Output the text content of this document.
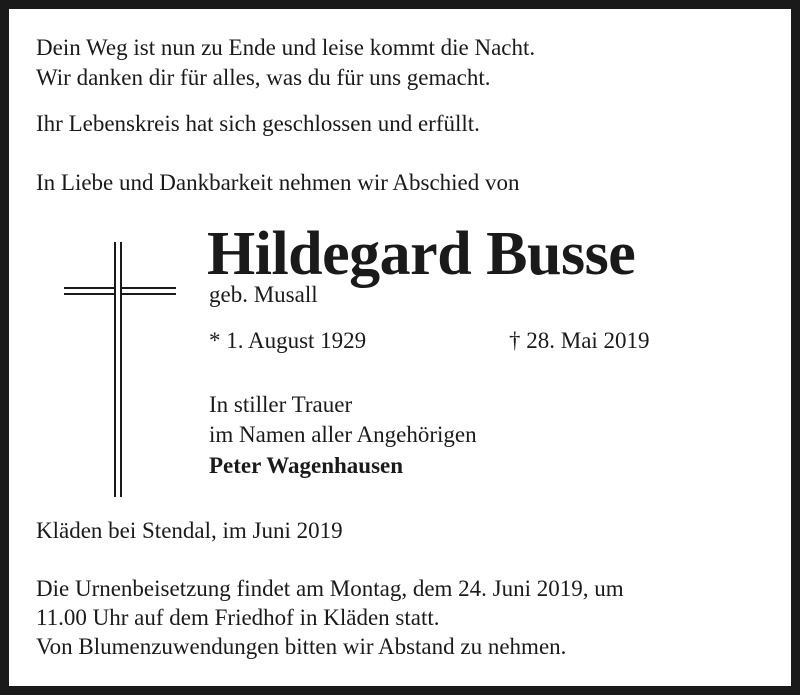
Dein Weg ist nun zu Ende und leise kommt die Nacht.
Wir danken dir für alles, was du für uns gemacht.
Ihr Lebenskreis hat sich geschlossen und erfüllt.
In Liebe und Dankbarkeit nehmen wir Abschied von
Hildegard Busse
geb. Musall
* 1. August 1929	† 28. Mai 2019
In stiller Trauer
im Namen aller Angehörigen
Peter Wagenhausen
Kläden bei Stendal, im Juni 2019
Die Urnenbeisetzung findet am Montag, dem 24. Juni 2019, um
11.00 Uhr auf dem Friedhof in Kläden statt.
Von Blumenzuwendungen bitten wir Abstand zu nehmen.
